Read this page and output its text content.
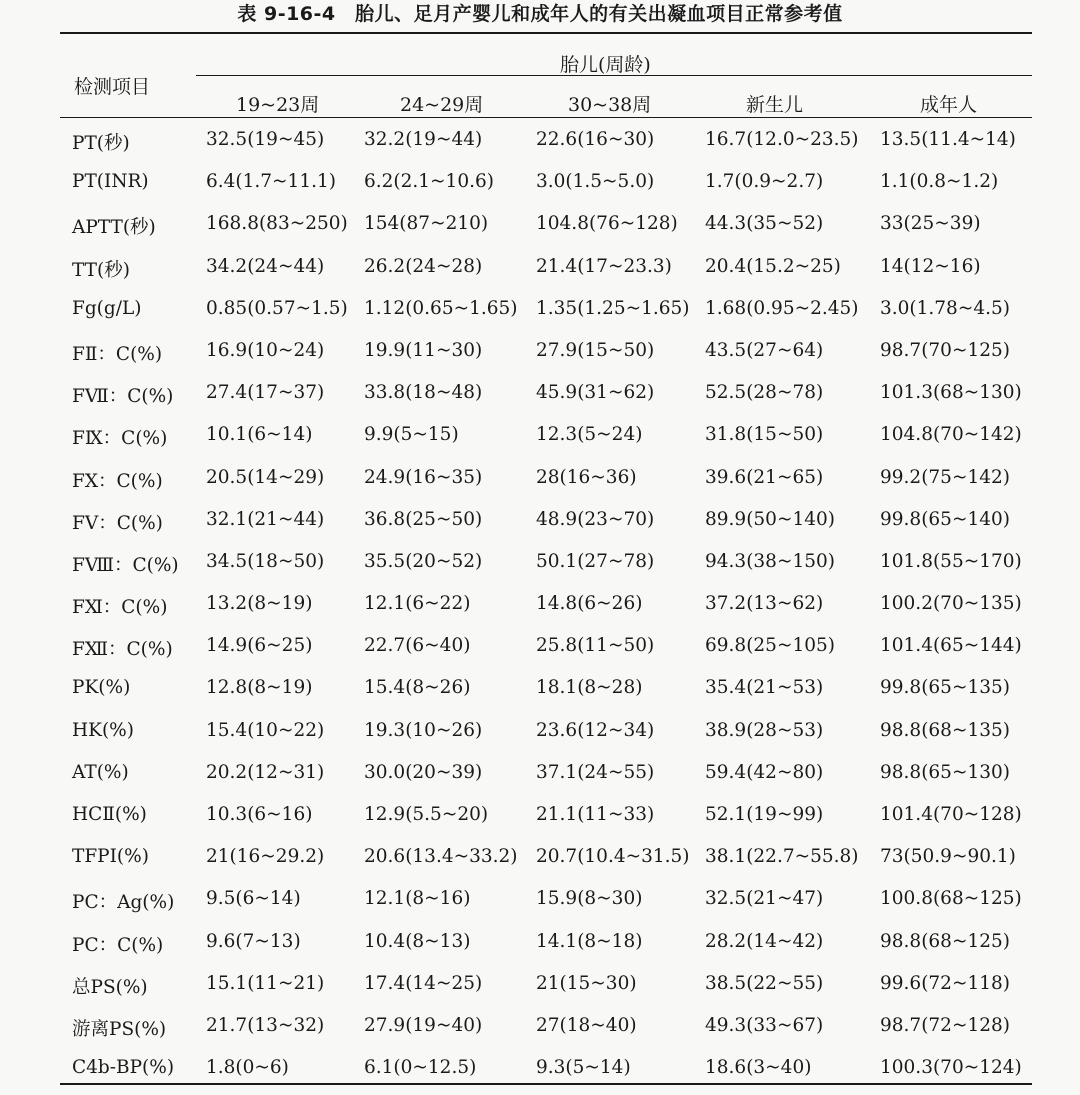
表 9-16-4　胎儿、足月产婴儿和成年人的有关出凝血项目正常参考值
检测项目
胎儿(周龄)
19~23周	24~29周	30~38周	新生儿	成年人
PT(秒)	32.5(19~45) 32.2(19~44)	22.6(16~30)	16.7(12.0~23.5) 13.5(11.4~14)
PT(INR)	6.4(1.7~11.1) 6.2(2.1~10.6) 3.0(1.5~5.0)	1.7(0.9~2.7)	1.1(0.8~1.2)
APTT(秒)	168.8(83~250) 154(87~210)	104.8(76~128) 44.3(35~52)	33(25~39)
TT(秒)	34.2(24~44) 26.2(24~28)	21.4(17~23.3) 20.4(15.2~25) 14(12~16)
Fg(g/L)	0.85(0.57~1.5) 1.12(0.65~1.65) 1.35(1.25~1.65) 1.68(0.95~2.45) 3.0(1.78~4.5)
FⅡ：C(%) 16.9(10~24) 19.9(11~30)	27.9(15~50)	43.5(27~64)	98.7(70~125)
FⅦ：C(%) 27.4(17~37) 33.8(18~48)	45.9(31~62)	52.5(28~78)	101.3(68~130)
FⅨ：C(%) 10.1(6~14)	9.9(5~15)	12.3(5~24)	31.8(15~50)	104.8(70~142)
FⅩ：C(%) 20.5(14~29) 24.9(16~35)	28(16~36)	39.6(21~65)	99.2(75~142)
FⅤ：C(%) 32.1(21~44) 36.8(25~50)	48.9(23~70)	89.9(50~140) 99.8(65~140)
FⅧ：C(%) 34.5(18~50) 35.5(20~52)	50.1(27~78)	94.3(38~150) 101.8(55~170)
FⅪ：C(%) 13.2(8~19)	12.1(6~22)	14.8(6~26)	37.2(13~62)	100.2(70~135)
FⅫ：C(%) 14.9(6~25)	22.7(6~40)	25.8(11~50)	69.8(25~105) 101.4(65~144)
PK(%)	12.8(8~19)	15.4(8~26)	18.1(8~28)	35.4(21~53)	99.8(65~135)
HK(%)	15.4(10~22) 19.3(10~26)	23.6(12~34)	38.9(28~53)	98.8(68~135)
AT(%)	20.2(12~31) 30.0(20~39)	37.1(24~55)	59.4(42~80)	98.8(65~130)
HCⅡ(%)	10.3(6~16)	12.9(5.5~20)	21.1(11~33)	52.1(19~99)	101.4(70~128)
TFPI(%)	21(16~29.2) 20.6(13.4~33.2) 20.7(10.4~31.5) 38.1(22.7~55.8) 73(50.9~90.1)
PC：Ag(%) 9.5(6~14)	12.1(8~16)	15.9(8~30)	32.5(21~47)	100.8(68~125)
PC：C(%) 9.6(7~13)	10.4(8~13)	14.1(8~18)	28.2(14~42)	98.8(68~125)
总PS(%)	15.1(11~21) 17.4(14~25)	21(15~30)	38.5(22~55)	99.6(72~118)
游离PS(%) 21.7(13~32) 27.9(19~40)	27(18~40)	49.3(33~67)	98.7(72~128)
C4b-BP(%) 1.8(0~6)	6.1(0~12.5)	9.3(5~14)	18.6(3~40)	100.3(70~124)
